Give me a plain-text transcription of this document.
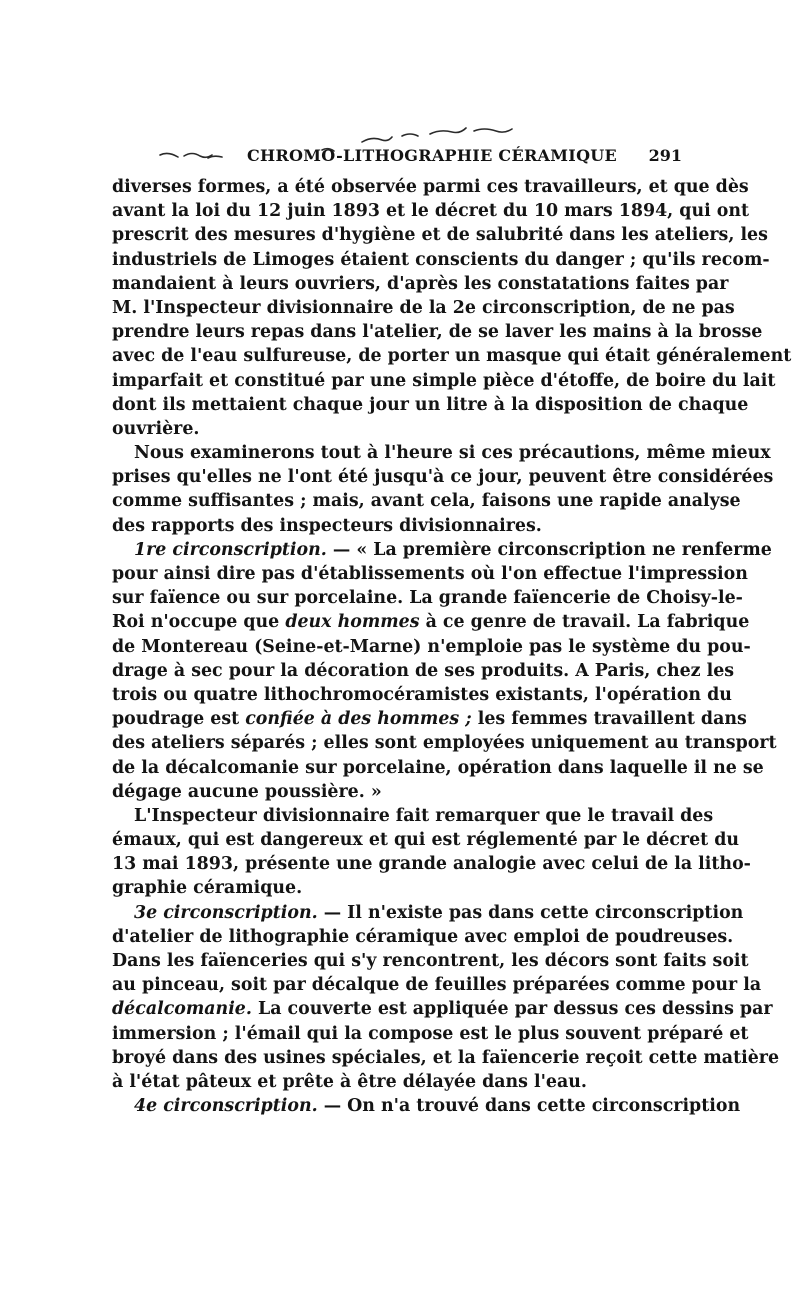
CHROMO-LITHOGRAPHIE CÉRAMIQUE 291
diverses formes, a été observée parmi ces travailleurs, et que dès
avant la loi du 12 juin 1893 et le décret du 10 mars 1894, qui ont
prescrit des mesures d'hygiène et de salubrité dans les ateliers, les
industriels de Limoges étaient conscients du danger ; qu'ils recom-
mandaient à leurs ouvriers, d'après les constatations faites par
M. l'Inspecteur divisionnaire de la 2e circonscription, de ne pas
prendre leurs repas dans l'atelier, de se laver les mains à la brosse
avec de l'eau sulfureuse, de porter un masque qui était généralement
imparfait et constitué par une simple pièce d'étoffe, de boire du lait
dont ils mettaient chaque jour un litre à la disposition de chaque
ouvrière.
Nous examinerons tout à l'heure si ces précautions, même mieux
prises qu'elles ne l'ont été jusqu'à ce jour, peuvent être considérées
comme suffisantes ; mais, avant cela, faisons une rapide analyse
des rapports des inspecteurs divisionnaires.
1re circonscription. — « La première circonscription ne renferme
pour ainsi dire pas d'établissements où l'on effectue l'impression
sur faïence ou sur porcelaine. La grande faïencerie de Choisy-le-
Roi n'occupe que deux hommes à ce genre de travail. La fabrique
de Montereau (Seine-et-Marne) n'emploie pas le système du pou-
drage à sec pour la décoration de ses produits. A Paris, chez les
trois ou quatre lithochromocéramistes existants, l'opération du
poudrage est confiée à des hommes ; les femmes travaillent dans
des ateliers séparés ; elles sont employées uniquement au transport
de la décalcomanie sur porcelaine, opération dans laquelle il ne se
dégage aucune poussière. »
L'Inspecteur divisionnaire fait remarquer que le travail des
émaux, qui est dangereux et qui est réglementé par le décret du
13 mai 1893, présente une grande analogie avec celui de la litho-
graphie céramique.
3e circonscription. — Il n'existe pas dans cette circonscription
d'atelier de lithographie céramique avec emploi de poudreuses.
Dans les faïenceries qui s'y rencontrent, les décors sont faits soit
au pinceau, soit par décalque de feuilles préparées comme pour la
décalcomanie. La couverte est appliquée par dessus ces dessins par
immersion ; l'émail qui la compose est le plus souvent préparé et
broyé dans des usines spéciales, et la faïencerie reçoit cette matière
à l'état pâteux et prête à être délayée dans l'eau.
4e circonscription. — On n'a trouvé dans cette circonscription
